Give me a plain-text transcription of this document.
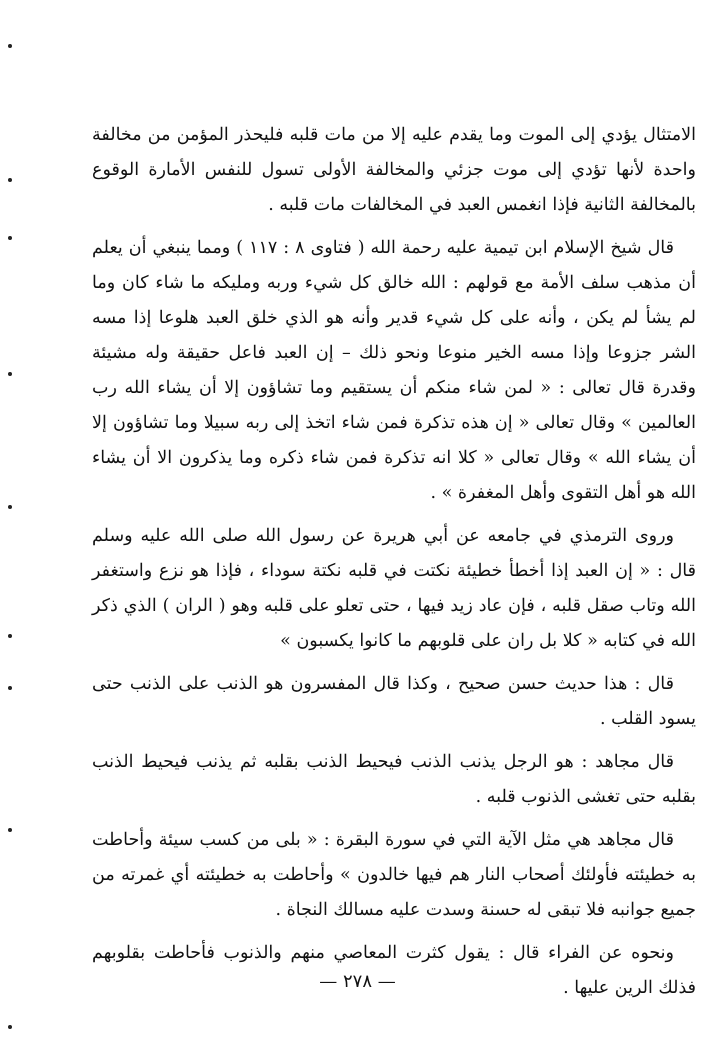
الامتثال يؤدي إلى الموت وما يقدم عليه إلا من مات قلبه فليحذر المؤمن من مخالفة واحدة لأنها تؤدي إلى موت جزئي والمخالفة الأولى تسول للنفس الأمارة الوقوع بالمخالفة الثانية فإذا انغمس العبد في المخالفات مات قلبه .

قال شيخ الإسلام ابن تيمية عليه رحمة الله ( فتاوى ٨ : ١١٧ ) ومما ينبغي أن يعلم أن مذهب سلف الأمة مع قولهم : الله خالق كل شيء وربه ومليكه ما شاء كان وما لم يشأ لم يكن ، وأنه على كل شيء قدير وأنه هو الذي خلق العبد هلوعا إذا مسه الشر جزوعا وإذا مسه الخير منوعا ونحو ذلك – إن العبد فاعل حقيقة وله مشيئة وقدرة قال تعالى : « لمن شاء منكم أن يستقيم وما تشاؤون إلا أن يشاء الله رب العالمين » وقال تعالى « إن هذه تذكرة فمن شاء اتخذ إلى ربه سبيلا وما تشاؤون إلا أن يشاء الله » وقال تعالى « كلا انه تذكرة فمن شاء ذكره وما يذكرون الا أن يشاء الله هو أهل التقوى وأهل المغفرة » .

وروى الترمذي في جامعه عن أبي هريرة عن رسول الله صلى الله عليه وسلم قال : « إن العبد إذا أخطأ خطيئة نكتت في قلبه نكتة سوداء ، فإذا هو نزع واستغفر الله وتاب صقل قلبه ، فإن عاد زيد فيها ، حتى تعلو على قلبه وهو ( الران ) الذي ذكر الله في كتابه « كلا بل ران على قلوبهم ما كانوا يكسبون »

قال : هذا حديث حسن صحيح ، وكذا قال المفسرون هو الذنب على الذنب حتى يسود القلب .

قال مجاهد : هو الرجل يذنب الذنب فيحيط الذنب بقلبه ثم يذنب فيحيط الذنب بقلبه حتى تغشى الذنوب قلبه .

قال مجاهد هي مثل الآية التي في سورة البقرة : « بلى من كسب سيئة وأحاطت به خطيئته فأولئك أصحاب النار هم فيها خالدون » وأحاطت به خطيئته أي غمرته من جميع جوانبه فلا تبقى له حسنة وسدت عليه مسالك النجاة .

ونحوه عن الفراء قال : يقول كثرت المعاصي منهم والذنوب فأحاطت بقلوبهم فذلك الرين عليها .

— ٢٧٨ —
